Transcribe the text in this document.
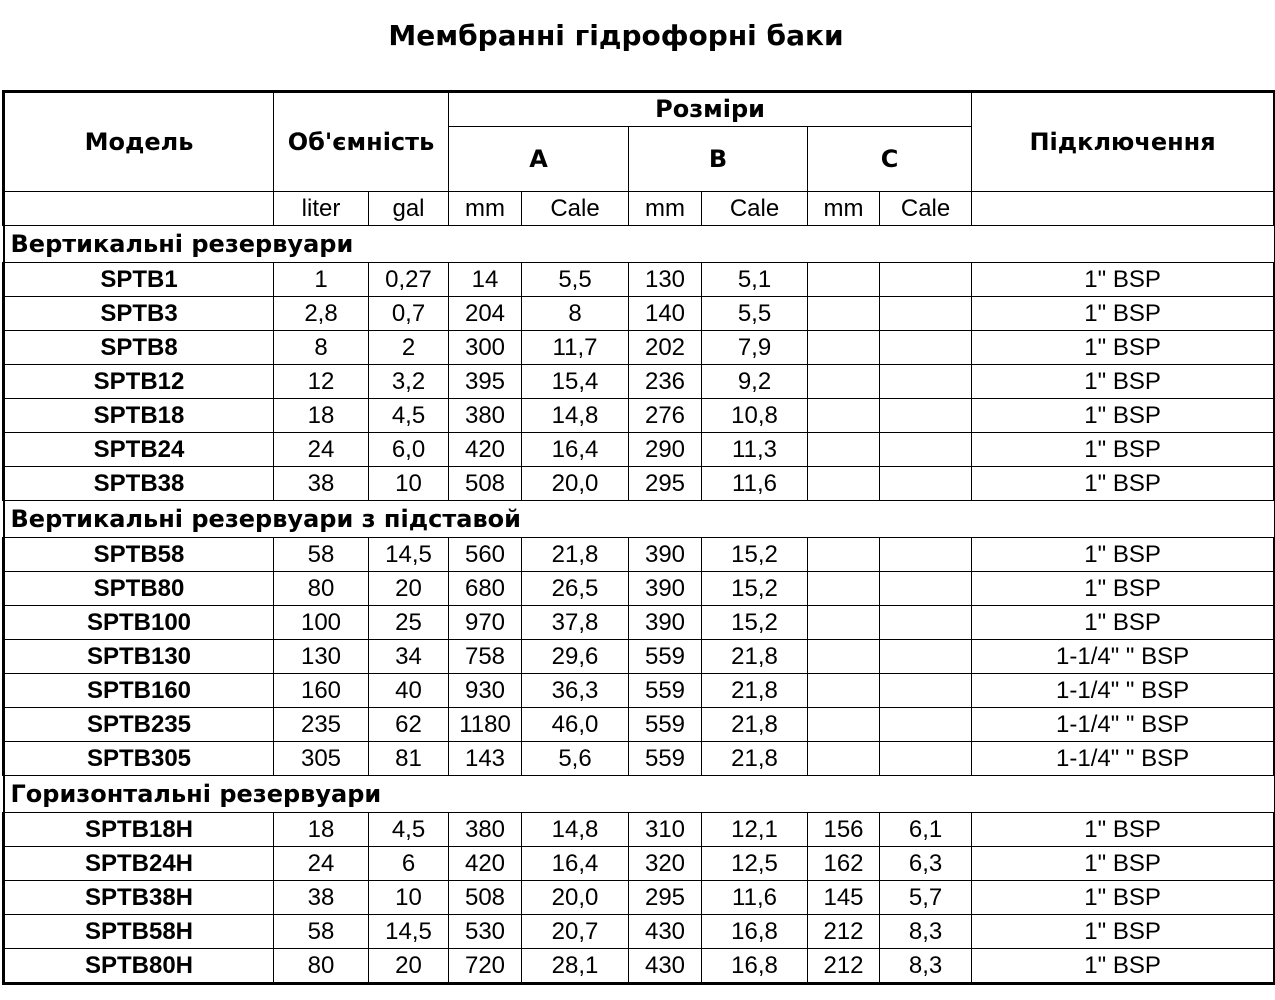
Мембранні гідрофорні баки
Модель	Об'ємність		Розміри						Підключення
			A		B		C		
	liter	gal	mm	Cale	mm	Cale	mm	Cale	
Вертикальні резервуари									
SPTB1	1	0,27	14	5,5	130	5,1			1" BSP
SPTB3	2,8	0,7	204	8	140	5,5			1" BSP
SPTB8	8	2	300	11,7	202	7,9			1" BSP
SPTB12	12	3,2	395	15,4	236	9,2			1" BSP
SPTB18	18	4,5	380	14,8	276	10,8			1" BSP
SPTB24	24	6,0	420	16,4	290	11,3			1" BSP
SPTB38	38	10	508	20,0	295	11,6			1" BSP
Вертикальні резервуари з підставой									
SPTB58	58	14,5	560	21,8	390	15,2			1" BSP
SPTB80	80	20	680	26,5	390	15,2			1" BSP
SPTB100	100	25	970	37,8	390	15,2			1" BSP
SPTB130	130	34	758	29,6	559	21,8			1-1/4" " BSP
SPTB160	160	40	930	36,3	559	21,8			1-1/4" " BSP
SPTB235	235	62	1180	46,0	559	21,8			1-1/4" " BSP
SPTB305	305	81	143	5,6	559	21,8			1-1/4" " BSP
Горизонтальні резервуари									
SPTB18H	18	4,5	380	14,8	310	12,1	156	6,1	1" BSP
SPTB24H	24	6	420	16,4	320	12,5	162	6,3	1" BSP
SPTB38H	38	10	508	20,0	295	11,6	145	5,7	1" BSP
SPTB58H	58	14,5	530	20,7	430	16,8	212	8,3	1" BSP
SPTB80H	80	20	720	28,1	430	16,8	212	8,3	1" BSP
